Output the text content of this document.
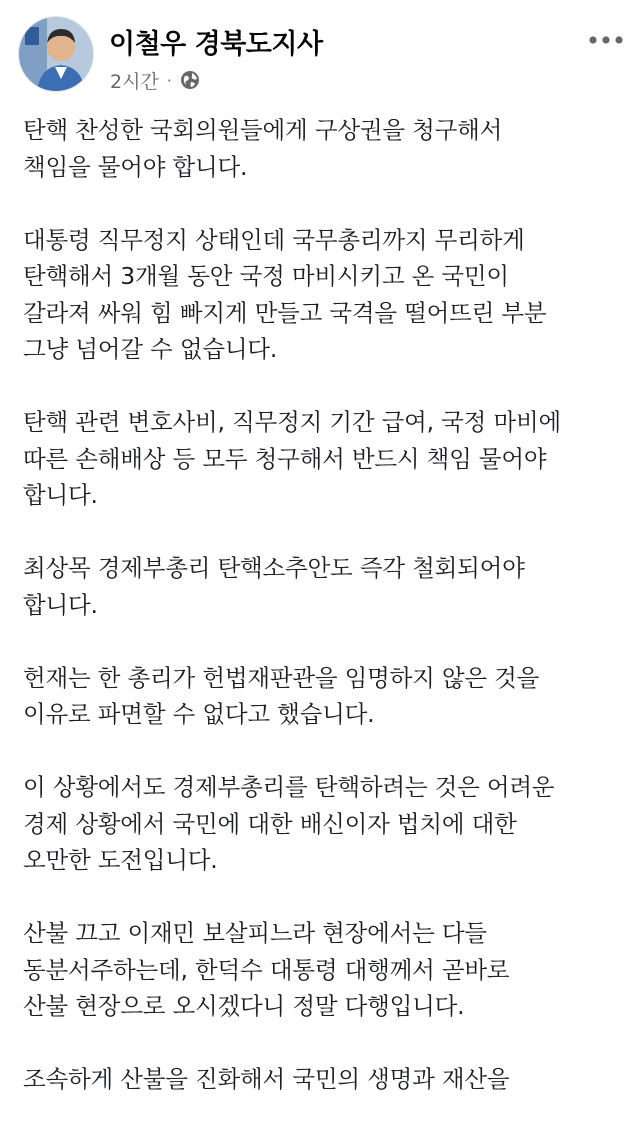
이철우 경북도지사
2시간 ·
탄핵 찬성한 국회의원들에게 구상권을 청구해서
책임을 물어야 합니다.
대통령 직무정지 상태인데 국무총리까지 무리하게
탄핵해서 3개월 동안 국정 마비시키고 온 국민이
갈라져 싸워 힘 빠지게 만들고 국격을 떨어뜨린 부분
그냥 넘어갈 수 없습니다.
탄핵 관련 변호사비, 직무정지 기간 급여, 국정 마비에
따른 손해배상 등 모두 청구해서 반드시 책임 물어야
합니다.
최상목 경제부총리 탄핵소추안도 즉각 철회되어야
합니다.
헌재는 한 총리가 헌법재판관을 임명하지 않은 것을
이유로 파면할 수 없다고 했습니다.
이 상황에서도 경제부총리를 탄핵하려는 것은 어려운
경제 상황에서 국민에 대한 배신이자 법치에 대한
오만한 도전입니다.
산불 끄고 이재민 보살피느라 현장에서는 다들
동분서주하는데, 한덕수 대통령 대행께서 곧바로
산불 현장으로 오시겠다니 정말 다행입니다.
조속하게 산불을 진화해서 국민의 생명과 재산을
